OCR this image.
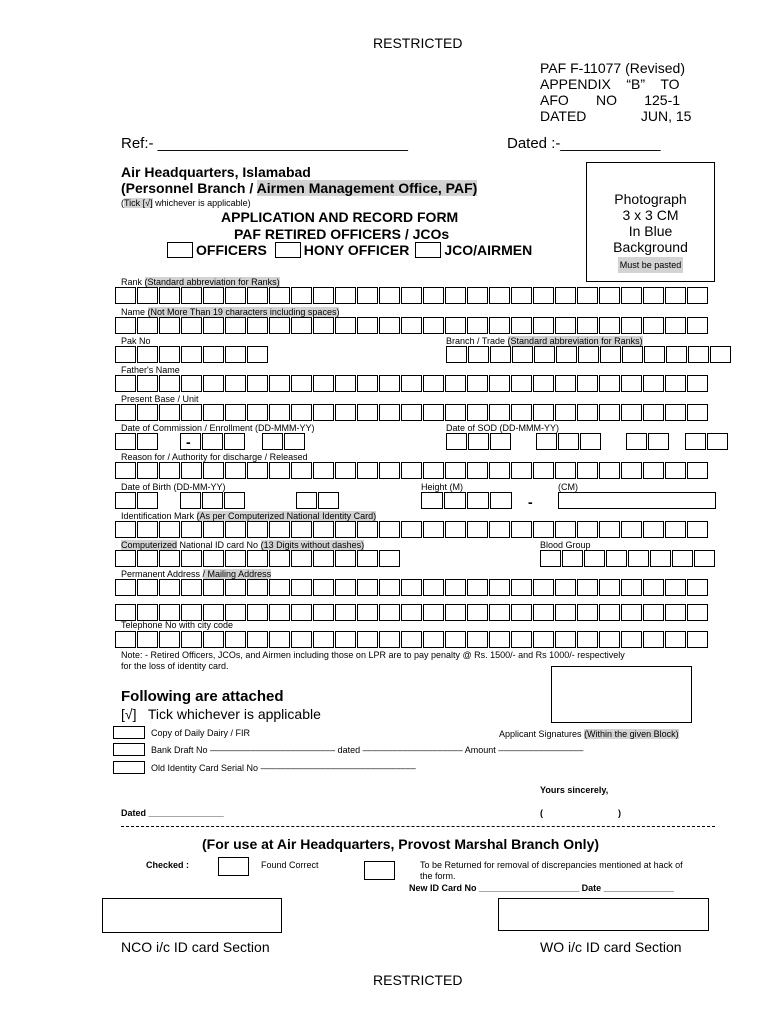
RESTRICTED
PAF F-11077 (Revised)
APPENDIX    “B”    TO
AFO       NO       125-1
DATED              JUN, 15
Ref:- ______________________________	Dated :-____________
Air Headquarters, Islamabad
(Personnel Branch / Airmen Management Office, PAF)
(Tick [√] whichever is applicable)
APPLICATION AND RECORD FORM
PAF RETIRED OFFICERS / JCOs
OFFICERS	HONY OFFICER	JCO/AIRMEN
Photograph
3 x 3 CM
In Blue
Background
Must be pasted
Rank (Standard abbreviation for Ranks)
Name (Not More Than 19 characters including spaces)
Pak No	Branch / Trade (Standard abbreviation for Ranks)
Father's Name
Present Base / Unit
Date of Commission / Enrollment (DD-MMM-YY)	Date of SOD (DD-MMM-YY)
-
Reason for / Authority for discharge / Released
Date of Birth (DD-MM-YY)	Height (M)	(CM)
-
Identification Mark (As per Computerized National Identity Card)
Computerized National ID card No (13 Digits without dashes)	Blood Group
Permanent Address / Mailing Address
Telephone No with city code
Note: - Retired Officers, JCOs, and Airmen including those on LPR are to pay penalty @ Rs. 1500/- and Rs 1000/- respectively
for the loss of identity card.
Following are attached
[√]   Tick whichever is applicable
Applicant Signatures (Within the given Block)
Copy of Daily Dairy / FIR
Bank Draft No ––––––––––––––––––––––––– dated –––––––––––––––––––– Amount –––––––––––––––––
Old Identity Card Serial No –––––––––––––––––––––––––––––––
Yours sincerely,
Dated _______________	(                              )
(For use at Air Headquarters, Provost Marshal Branch Only)
Checked :	Found Correct	To be Returned for removal of discrepancies mentioned at hack of
the form.
New ID Card No ____________________ Date ______________
NCO i/c ID card Section	WO i/c ID card Section
RESTRICTED
